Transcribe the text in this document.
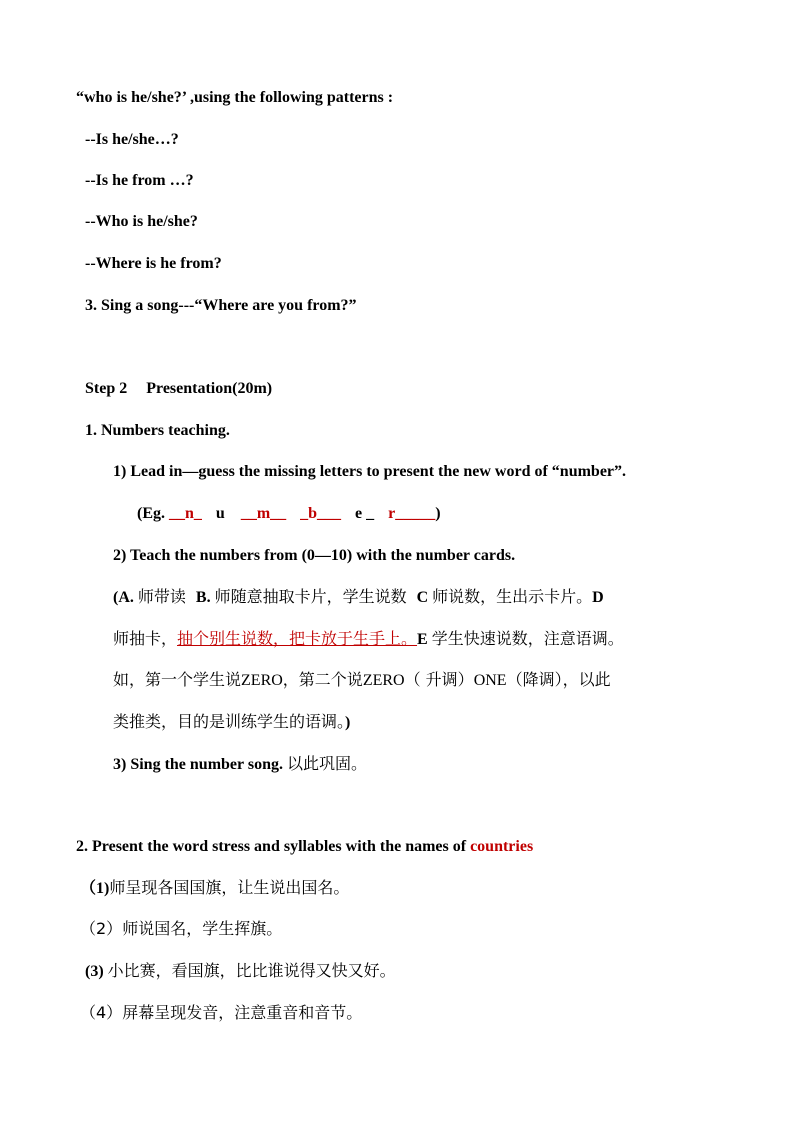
“who is he/she?’ ,using the following patterns :
--Is he/she…?
--Is he from …?
--Who is he/she?
--Where is he from?
3. Sing a song---“Where are you from?”
Step 2 Presentation(20m)
1. Numbers teaching.
1) Lead in—guess the missing letters to present the new word of “number”.
(Eg. __n_ u __m__ _b___ e _ r_____)
2) Teach the numbers from (0—10) with the number cards.
(A. 师带读 B. 师随意抽取卡片，学生说数 C 师说数，生出示卡片。D
师抽卡，抽个别生说数，把卡放于生手上。E 学生快速说数，注意语调。
如，第一个学生说ZERO，第二个说ZERO（ 升调）ONE（降调），以此
类推类，目的是训练学生的语调。)
3) Sing the number song. 以此巩固。
2. Present the word stress and syllables with the names of countries
（1)师呈现各国国旗，让生说出国名。
（2）师说国名，学生挥旗。
(3) 小比赛，看国旗，比比谁说得又快又好。
（4）屏幕呈现发音，注意重音和音节。
